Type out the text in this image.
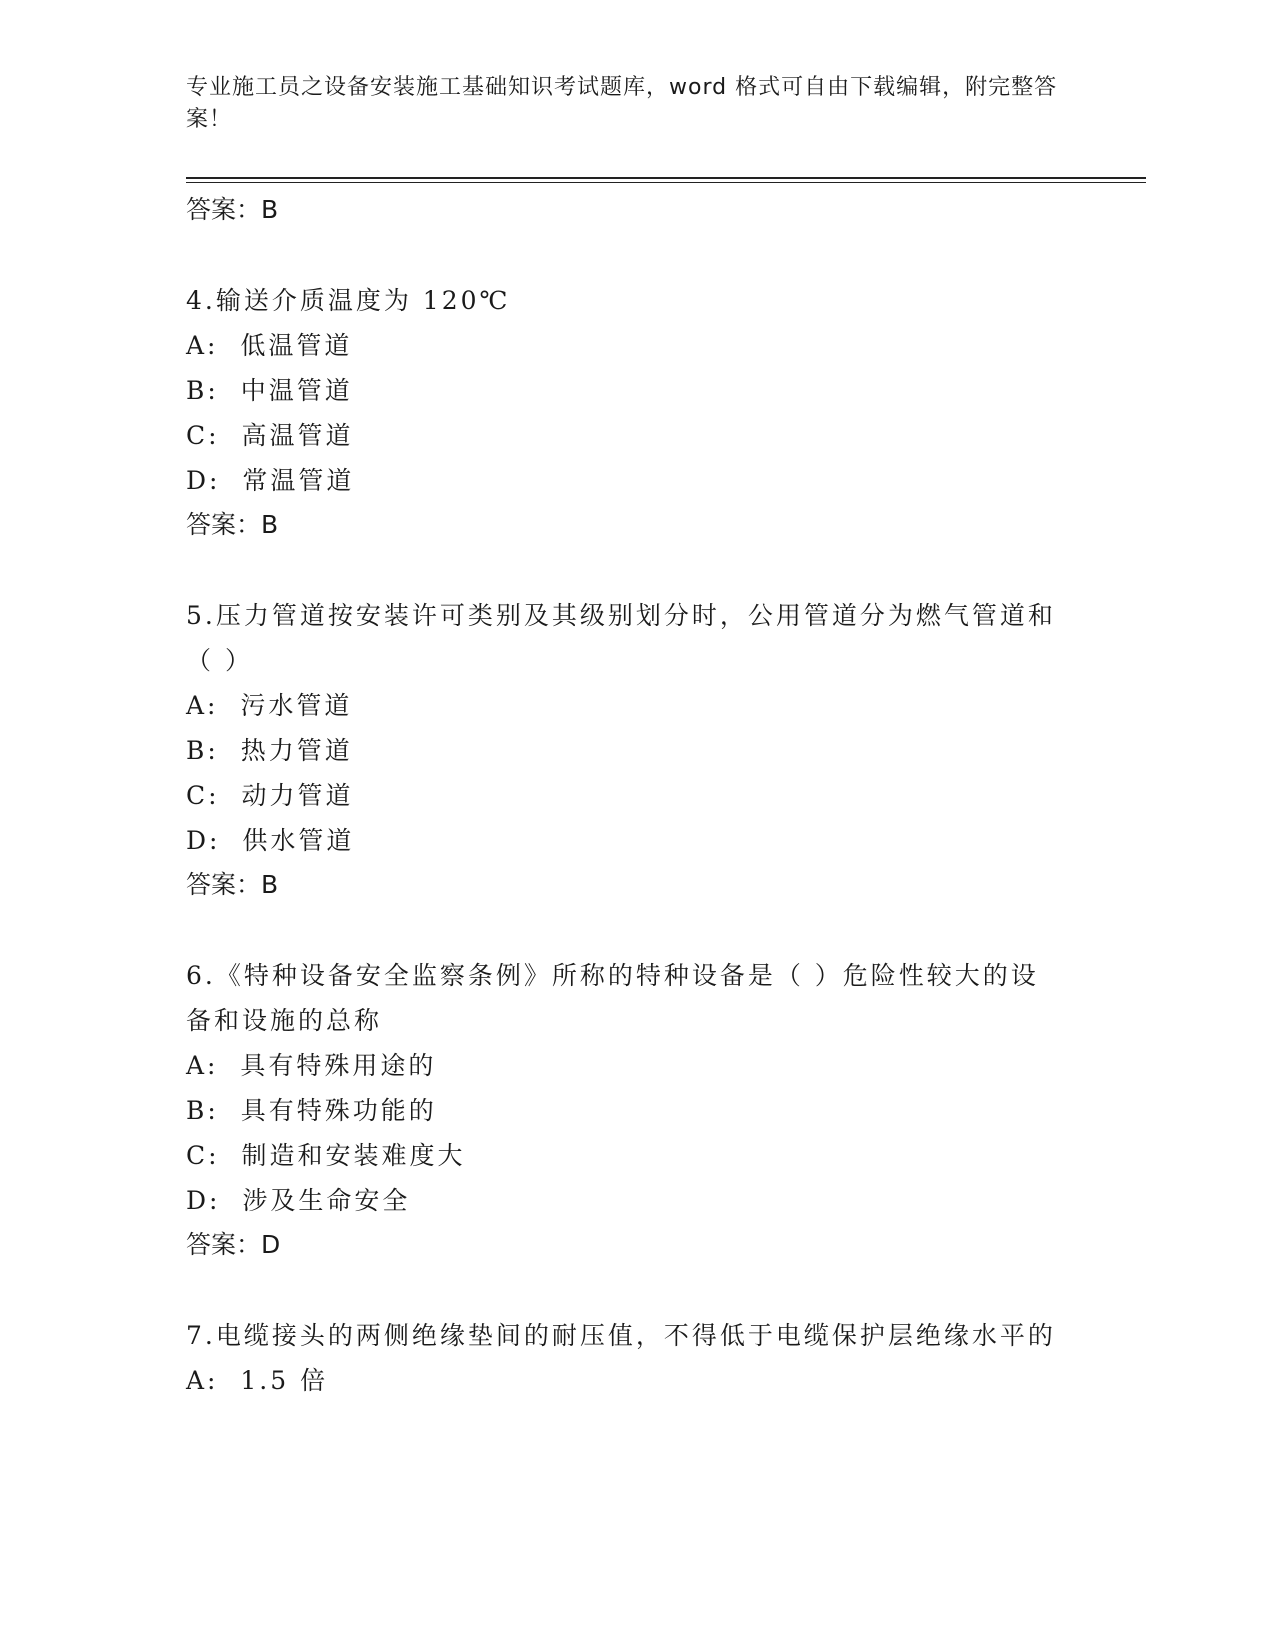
专业施工员之设备安装施工基础知识考试题库，word 格式可自由下载编辑，附完整答案！

答案：B

4.输送介质温度为 120℃

A:  低温管道

B:  中温管道

C:  高温管道

D:  常温管道

答案：B

5.压力管道按安装许可类别及其级别划分时，公用管道分为燃气管道和（ ）

A:  污水管道

B:  热力管道

C:  动力管道

D:  供水管道

答案：B

6.《特种设备安全监察条例》所称的特种设备是（ ）危险性较大的设备和设施的总称

A:  具有特殊用途的

B:  具有特殊功能的

C:  制造和安装难度大

D:  涉及生命安全

答案：D

7.电缆接头的两侧绝缘垫间的耐压值，不得低于电缆保护层绝缘水平的

A:  1.5 倍
